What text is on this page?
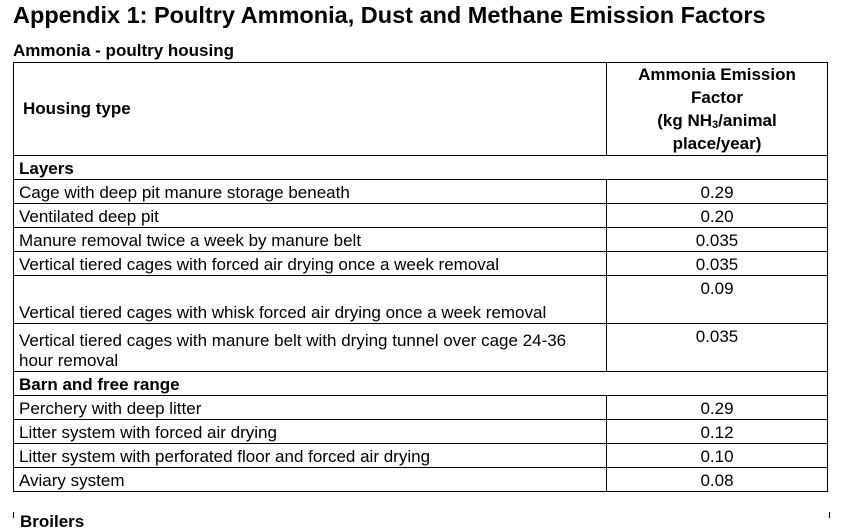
Appendix 1: Poultry Ammonia, Dust and Methane Emission Factors
Ammonia - poultry housing
Housing type	Ammonia Emission
Factor
(kg $NH_3$/animal
place/year)
Layers	
Cage with deep pit manure storage beneath	0.29
Ventilated deep pit	0.20
Manure removal twice a week by manure belt	0.035
Vertical tiered cages with forced air drying once a week removal	0.035
Vertical tiered cages with whisk forced air drying once a week removal	0.09
Vertical tiered cages with manure belt with drying tunnel over cage 24-36 hour removal	0.035
Barn and free range	
Perchery with deep litter	0.29
Litter system with forced air drying	0.12
Litter system with perforated floor and forced air drying	0.10
Aviary system	0.08
Broilers
